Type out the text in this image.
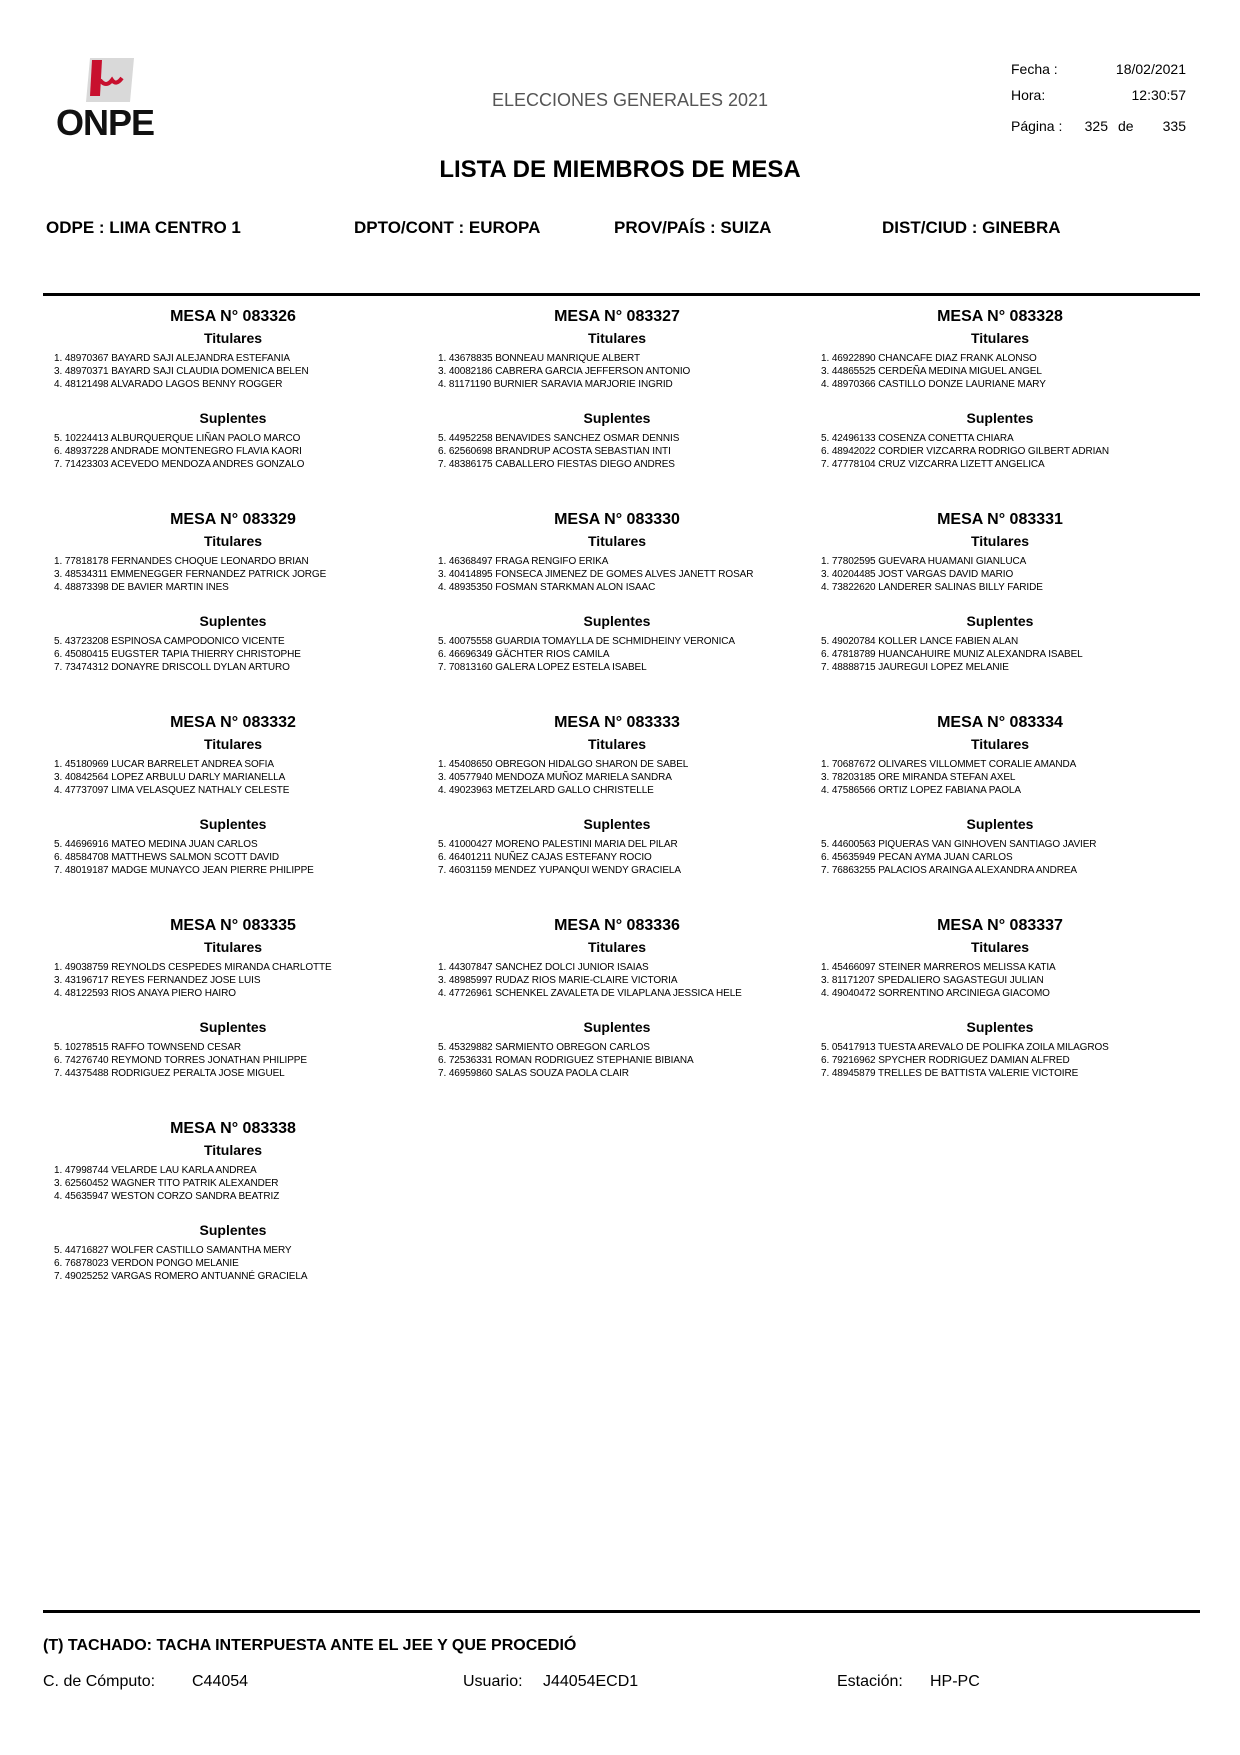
ONPE
ELECCIONES GENERALES 2021
Fecha :	18/02/2021
Hora:	12:30:57
Página :	325 de	335
LISTA DE MIEMBROS DE MESA
ODPE : LIMA CENTRO 1	DPTO/CONT : EUROPA	PROV/PAÍS : SUIZA	DIST/CIUD : GINEBRA
MESA N° 083326
Titulares
1. 48970367 BAYARD SAJI ALEJANDRA ESTEFANIA
3. 48970371 BAYARD SAJI CLAUDIA DOMENICA BELEN
4. 48121498 ALVARADO LAGOS BENNY ROGGER
Suplentes
5. 10224413 ALBURQUERQUE LIÑAN PAOLO MARCO
6. 48937228 ANDRADE MONTENEGRO FLAVIA KAORI
7. 71423303 ACEVEDO MENDOZA ANDRES GONZALO
MESA N° 083327
Titulares
1. 43678835 BONNEAU MANRIQUE ALBERT
3. 40082186 CABRERA GARCIA JEFFERSON ANTONIO
4. 81171190 BURNIER SARAVIA MARJORIE INGRID
Suplentes
5. 44952258 BENAVIDES SANCHEZ OSMAR DENNIS
6. 62560698 BRANDRUP ACOSTA SEBASTIAN INTI
7. 48386175 CABALLERO FIESTAS DIEGO ANDRES
MESA N° 083328
Titulares
1. 46922890 CHANCAFE DIAZ FRANK ALONSO
3. 44865525 CERDEÑA MEDINA MIGUEL ANGEL
4. 48970366 CASTILLO DONZE LAURIANE MARY
Suplentes
5. 42496133 COSENZA CONETTA CHIARA
6. 48942022 CORDIER VIZCARRA RODRIGO GILBERT ADRIAN
7. 47778104 CRUZ VIZCARRA LIZETT ANGELICA
MESA N° 083329
Titulares
1. 77818178 FERNANDES CHOQUE LEONARDO BRIAN
3. 48534311 EMMENEGGER FERNANDEZ PATRICK JORGE
4. 48873398 DE BAVIER MARTIN INES
Suplentes
5. 43723208 ESPINOSA CAMPODONICO VICENTE
6. 45080415 EUGSTER TAPIA THIERRY CHRISTOPHE
7. 73474312 DONAYRE DRISCOLL DYLAN ARTURO
MESA N° 083330
Titulares
1. 46368497 FRAGA RENGIFO ERIKA
3. 40414895 FONSECA JIMENEZ DE GOMES ALVES JANETT ROSAR
4. 48935350 FOSMAN STARKMAN ALON ISAAC
Suplentes
5. 40075558 GUARDIA TOMAYLLA DE SCHMIDHEINY VERONICA
6. 46696349 GÄCHTER RIOS CAMILA
7. 70813160 GALERA LOPEZ ESTELA ISABEL
MESA N° 083331
Titulares
1. 77802595 GUEVARA HUAMANI GIANLUCA
3. 40204485 JOST VARGAS DAVID MARIO
4. 73822620 LANDERER SALINAS BILLY FARIDE
Suplentes
5. 49020784 KOLLER LANCE FABIEN ALAN
6. 47818789 HUANCAHUIRE MUNIZ ALEXANDRA ISABEL
7. 48888715 JAUREGUI LOPEZ MELANIE
MESA N° 083332
Titulares
1. 45180969 LUCAR BARRELET ANDREA SOFIA
3. 40842564 LOPEZ ARBULU DARLY MARIANELLA
4. 47737097 LIMA VELASQUEZ NATHALY CELESTE
Suplentes
5. 44696916 MATEO MEDINA JUAN CARLOS
6. 48584708 MATTHEWS SALMON SCOTT DAVID
7. 48019187 MADGE MUNAYCO JEAN PIERRE PHILIPPE
MESA N° 083333
Titulares
1. 45408650 OBREGON HIDALGO SHARON DE SABEL
3. 40577940 MENDOZA MUÑOZ MARIELA SANDRA
4. 49023963 METZELARD GALLO CHRISTELLE
Suplentes
5. 41000427 MORENO PALESTINI MARIA DEL PILAR
6. 46401211 NUÑEZ CAJAS ESTEFANY ROCIO
7. 46031159 MENDEZ YUPANQUI WENDY GRACIELA
MESA N° 083334
Titulares
1. 70687672 OLIVARES VILLOMMET CORALIE AMANDA
3. 78203185 ORE MIRANDA STEFAN AXEL
4. 47586566 ORTIZ LOPEZ FABIANA PAOLA
Suplentes
5. 44600563 PIQUERAS VAN GINHOVEN SANTIAGO JAVIER
6. 45635949 PECAN AYMA JUAN CARLOS
7. 76863255 PALACIOS ARAINGA ALEXANDRA ANDREA
MESA N° 083335
Titulares
1. 49038759 REYNOLDS CESPEDES MIRANDA CHARLOTTE
3. 43196717 REYES FERNANDEZ JOSE LUIS
4. 48122593 RIOS ANAYA PIERO HAIRO
Suplentes
5. 10278515 RAFFO TOWNSEND CESAR
6. 74276740 REYMOND TORRES JONATHAN PHILIPPE
7. 44375488 RODRIGUEZ PERALTA JOSE MIGUEL
MESA N° 083336
Titulares
1. 44307847 SANCHEZ DOLCI JUNIOR ISAIAS
3. 48985997 RUDAZ RIOS MARIE-CLAIRE VICTORIA
4. 47726961 SCHENKEL ZAVALETA DE VILAPLANA JESSICA HELE
Suplentes
5. 45329882 SARMIENTO OBREGON CARLOS
6. 72536331 ROMAN RODRIGUEZ STEPHANIE BIBIANA
7. 46959860 SALAS SOUZA PAOLA CLAIR
MESA N° 083337
Titulares
1. 45466097 STEINER MARREROS MELISSA KATIA
3. 81171207 SPEDALIERO SAGASTEGUI JULIAN
4. 49040472 SORRENTINO ARCINIEGA GIACOMO
Suplentes
5. 05417913 TUESTA AREVALO DE POLIFKA ZOILA MILAGROS
6. 79216962 SPYCHER RODRIGUEZ DAMIAN ALFRED
7. 48945879 TRELLES DE BATTISTA VALERIE VICTOIRE
MESA N° 083338
Titulares
1. 47998744 VELARDE LAU KARLA ANDREA
3. 62560452 WAGNER TITO PATRIK ALEXANDER
4. 45635947 WESTON CORZO SANDRA BEATRIZ
Suplentes
5. 44716827 WOLFER CASTILLO SAMANTHA MERY
6. 76878023 VERDON PONGO MELANIE
7. 49025252 VARGAS ROMERO ANTUANNÉ GRACIELA
(T) TACHADO: TACHA INTERPUESTA ANTE EL JEE Y QUE PROCEDIÓ
C. de Cómputo: C44054	Usuario: J44054ECD1	Estación: HP-PC
